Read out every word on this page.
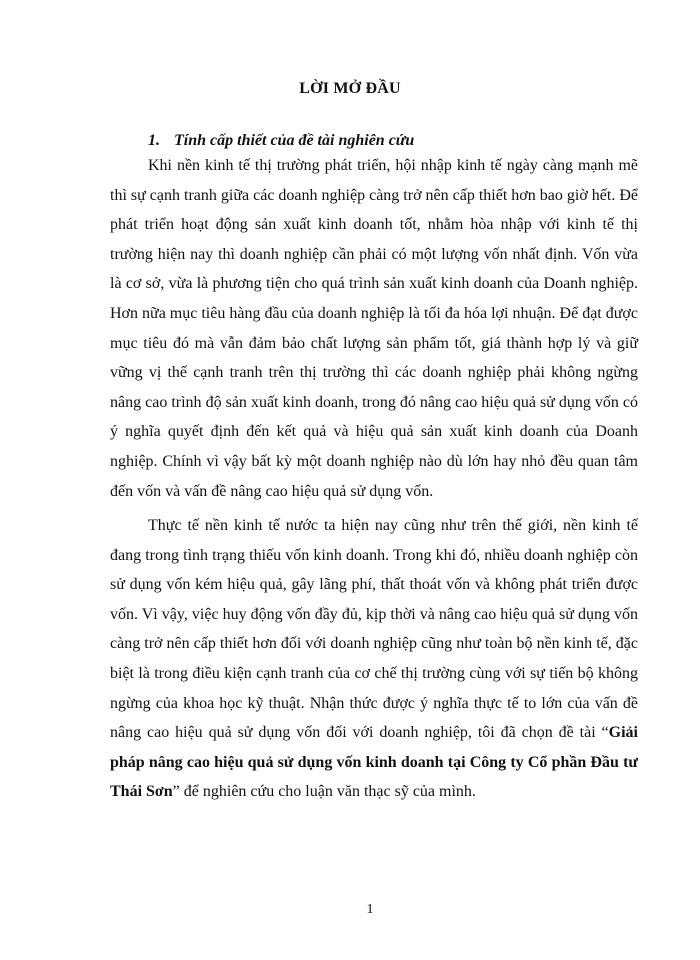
LỜI MỞ ĐẦU
1. Tính cấp thiết của đề tài nghiên cứu

Khi nền kinh tế thị trường phát triển, hội nhập kinh tế ngày càng mạnh mẽ thì sự cạnh tranh giữa các doanh nghiệp càng trở nên cấp thiết hơn bao giờ hết. Để phát triển hoạt động sản xuất kinh doanh tốt, nhằm hòa nhập với kinh tế thị trường hiện nay thì doanh nghiệp cần phải có một lượng vốn nhất định. Vốn vừa là cơ sở, vừa là phương tiện cho quá trình sản xuất kinh doanh của Doanh nghiệp. Hơn nữa mục tiêu hàng đầu của doanh nghiệp là tối đa hóa lợi nhuận. Để đạt được mục tiêu đó mà vẫn đảm bảo chất lượng sản phẩm tốt, giá thành hợp lý và giữ vững vị thế cạnh tranh trên thị trường thì các doanh nghiệp phải không ngừng nâng cao trình độ sản xuất kinh doanh, trong đó nâng cao hiệu quả sử dụng vốn có ý nghĩa quyết định đến kết quả và hiệu quả sản xuất kinh doanh của Doanh nghiệp. Chính vì vậy bất kỳ một doanh nghiệp nào dù lớn hay nhỏ đều quan tâm đến vốn và vấn đề nâng cao hiệu quả sử dụng vốn.

Thực tế nền kinh tế nước ta hiện nay cũng như trên thế giới, nền kinh tế đang trong tình trạng thiếu vốn kinh doanh. Trong khi đó, nhiều doanh nghiệp còn sử dụng vốn kém hiệu quả, gây lãng phí, thất thoát vốn và không phát triển được vốn. Vì vậy, việc huy động vốn đầy đủ, kịp thời và nâng cao hiệu quả sử dụng vốn càng trở nên cấp thiết hơn đối với doanh nghiệp cũng như toàn bộ nền kinh tế, đặc biệt là trong điều kiện cạnh tranh của cơ chế thị trường cùng với sự tiến bộ không ngừng của khoa học kỹ thuật. Nhận thức được ý nghĩa thực tế to lớn của vấn đề nâng cao hiệu quả sử dụng vốn đối với doanh nghiệp, tôi đã chọn đề tài “Giải pháp nâng cao hiệu quả sử dụng vốn kinh doanh tại Công ty Cổ phần Đầu tư Thái Sơn” để nghiên cứu cho luận văn thạc sỹ của mình.

1
